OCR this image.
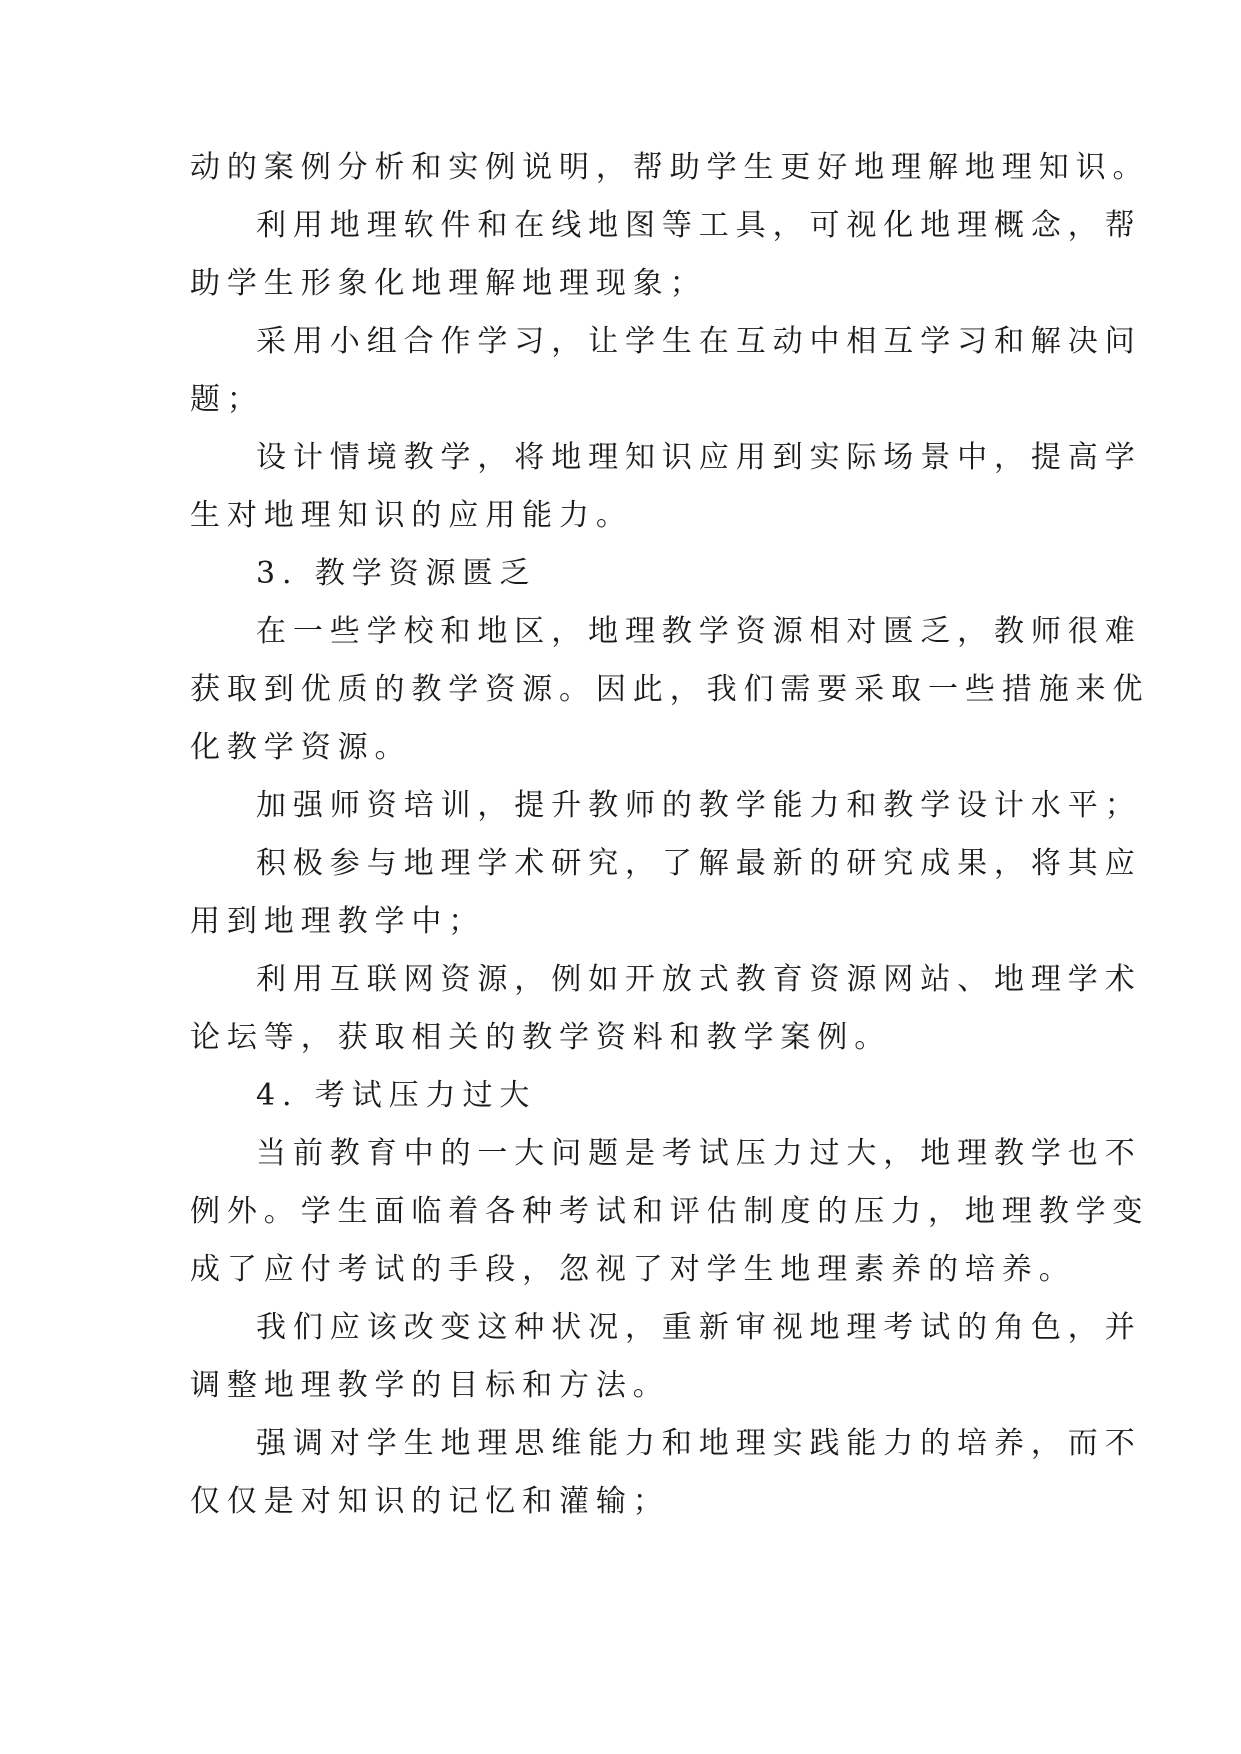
动的案例分析和实例说明，帮助学生更好地理解地理知识。
利用地理软件和在线地图等工具，可视化地理概念，帮
助学生形象化地理解地理现象；
采用小组合作学习，让学生在互动中相互学习和解决问
题；
设计情境教学，将地理知识应用到实际场景中，提高学
生对地理知识的应用能力。
3. 教学资源匮乏
在一些学校和地区，地理教学资源相对匮乏，教师很难
获取到优质的教学资源。因此，我们需要采取一些措施来优
化教学资源。
加强师资培训，提升教师的教学能力和教学设计水平；
积极参与地理学术研究，了解最新的研究成果，将其应
用到地理教学中；
利用互联网资源，例如开放式教育资源网站、地理学术
论坛等，获取相关的教学资料和教学案例。
4. 考试压力过大
当前教育中的一大问题是考试压力过大，地理教学也不
例外。学生面临着各种考试和评估制度的压力，地理教学变
成了应付考试的手段，忽视了对学生地理素养的培养。
我们应该改变这种状况，重新审视地理考试的角色，并
调整地理教学的目标和方法。
强调对学生地理思维能力和地理实践能力的培养，而不
仅仅是对知识的记忆和灌输；
